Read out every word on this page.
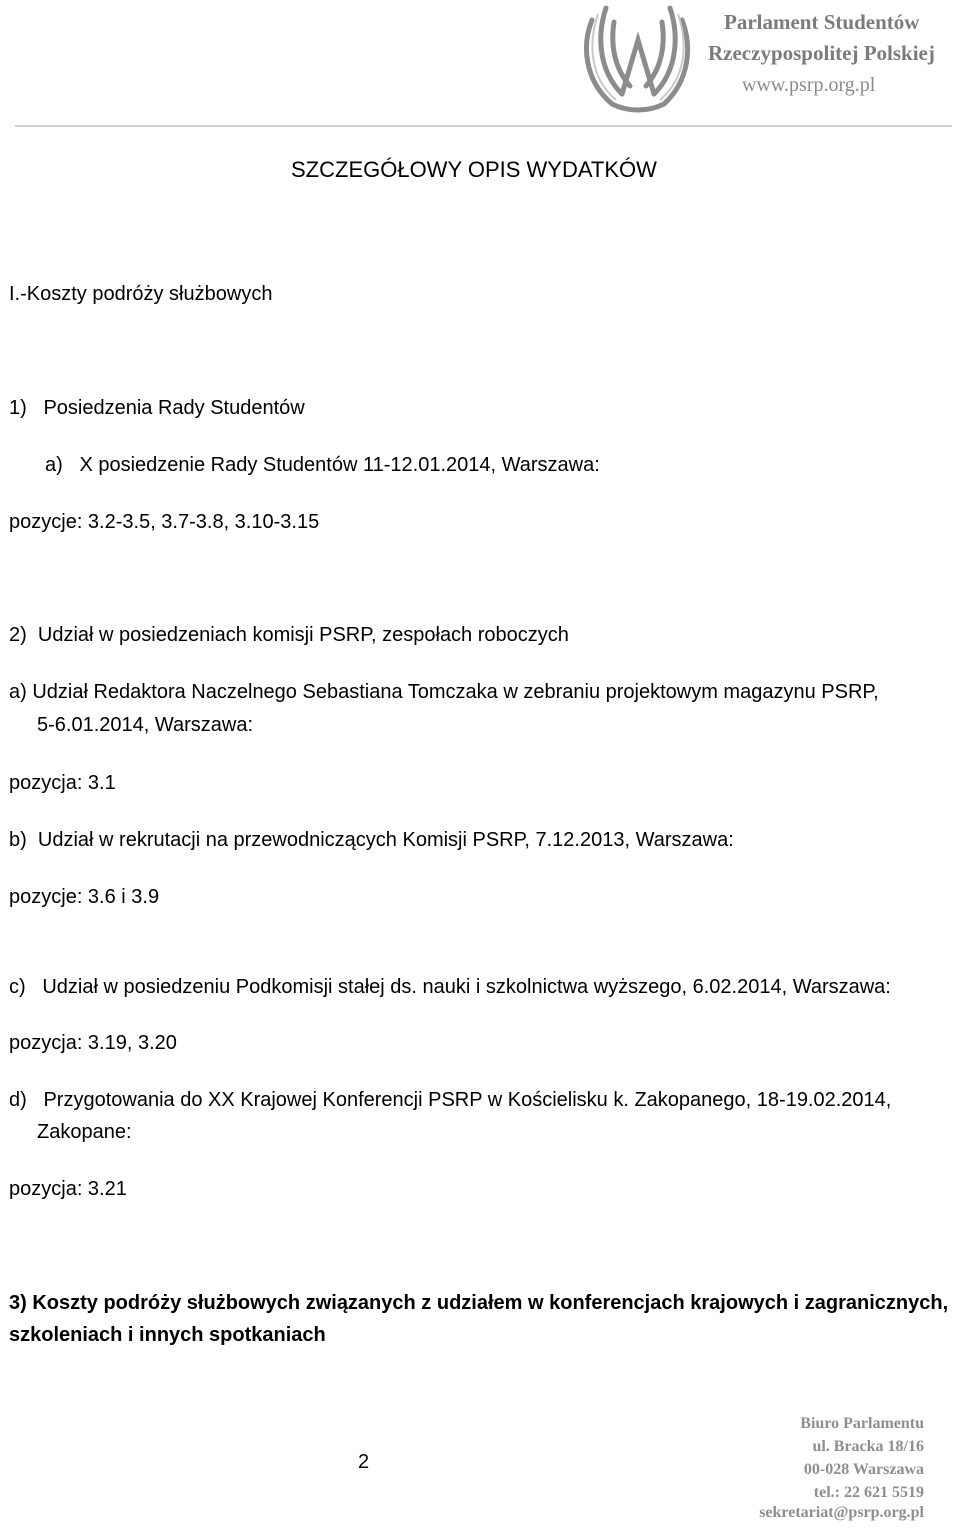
Parlament Studentów
Rzeczypospolitej Polskiej
www.psrp.org.pl
SZCZEGÓŁOWY OPIS WYDATKÓW
I.-Koszty podróży służbowych
1)   Posiedzenia Rady Studentów
a)   X posiedzenie Rady Studentów 11-12.01.2014, Warszawa:
pozycje: 3.2-3.5, 3.7-3.8, 3.10-3.15
2)  Udział w posiedzeniach komisji PSRP, zespołach roboczych
a) Udział Redaktora Naczelnego Sebastiana Tomczaka w zebraniu projektowym magazynu PSRP,
5-6.01.2014, Warszawa:
pozycja: 3.1
b)  Udział w rekrutacji na przewodniczących Komisji PSRP, 7.12.2013, Warszawa:
pozycje: 3.6 i 3.9
c)   Udział w posiedzeniu Podkomisji stałej ds. nauki i szkolnictwa wyższego, 6.02.2014, Warszawa:
pozycja: 3.19, 3.20
d)   Przygotowania do XX Krajowej Konferencji PSRP w Kościelisku k. Zakopanego, 18-19.02.2014,
Zakopane:
pozycja: 3.21
3) Koszty podróży służbowych związanych z udziałem w konferencjach krajowych i zagranicznych,
szkoleniach i innych spotkaniach
2
Biuro Parlamentu
ul. Bracka 18/16
00-028 Warszawa
tel.: 22 621 5519
sekretariat@psrp.org.pl
